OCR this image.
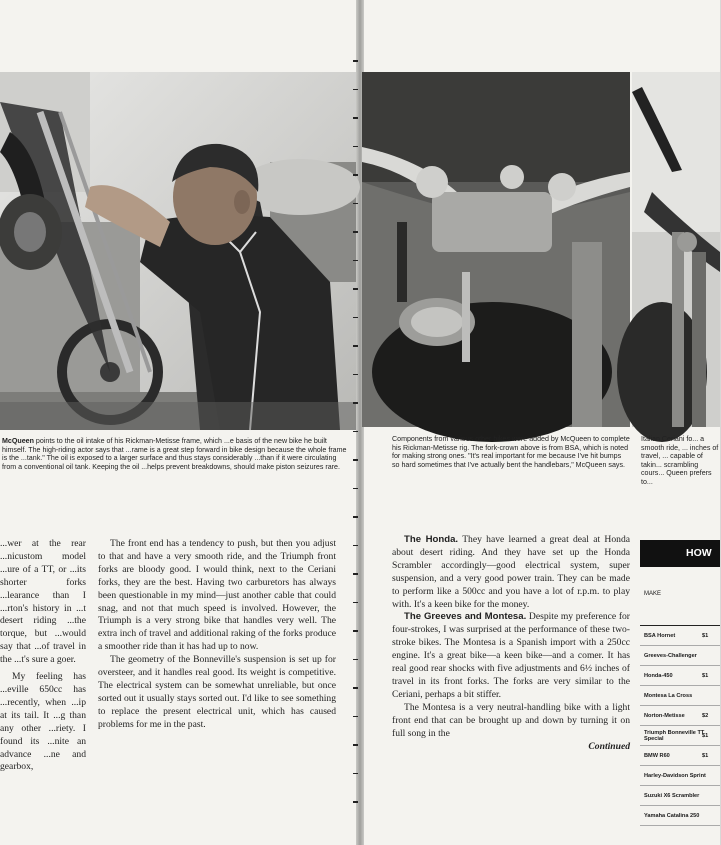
McQueen points to the oil intake of his Rickman-Metisse frame, which ...e basis of the new bike he built himself. The high-riding actor says that ...rame is a great step forward in bike design because the whole frame is the ...tank." The oil is exposed to a larger surface and thus stays considerably ...than if it were circulating from a conventional oil tank. Keeping the oil ...helps prevent breakdowns, should make piston seizures rare.
Components from various other bikes were added by McQueen to complete his Rickman-Metisse rig. The fork-crown above is from BSA, which is noted for making strong ones. "It's real important for me because I've hit bumps so hard sometimes that I've actually bent the handlebars," McQueen says.
Italian Ceriani fo... a smooth ride, ... inches of travel, ... capable of takin... scrambling cours... Queen prefers to...

...wer at the rear ...nicustom model ...ure of a TT, or ...its shorter forks ...learance than I ...rton's history in ...t desert riding ...the torque, but ...would say that ...of travel in the ...t's sure a goer.

My feeling has ...eville 650cc has ...recently, when ...ip at its tail. It ...g than any other ...riety. I found its ...nite an advance ...ne and gearbox,

The front end has a tendency to push, but then you adjust to that and have a very smooth ride, and the Triumph front forks are bloody good. I would think, next to the Ceriani forks, they are the best. Having two carburetors has always been questionable in my mind—just another cable that could snag, and not that much speed is involved. However, the Triumph is a very strong bike that handles very well. The extra inch of travel and additional raking of the forks produce a smoother ride than it has had up to now.

The geometry of the Bonneville's suspension is set up for oversteer, and it handles real good. Its weight is competitive. The electrical system can be somewhat unreliable, but once sorted out it usually stays sorted out. I'd like to see something to replace the present electrical unit, which has caused problems for me in the past.

The Honda. They have learned a great deal at Honda about desert riding. And they have set up the Honda Scrambler accordingly—good electrical system, super suspension, and a very good power train. They can be made to perform like a 500cc and you have a lot of r.p.m. to play with. It's a keen bike for the money.

The Greeves and Montesa. Despite my preference for four-strokes, I was surprised at the performance of these two-stroke bikes. The Montesa is a Spanish import with a 250cc engine. It's a great bike—a keen bike—and a comer. It has real good rear shocks with five adjustments and 6½ inches of travel in its front forks. The forks are very similar to the Ceriani, perhaps a bit stiffer.

The Montesa is a very neutral-handling bike with a light front end that can be brought up and down by turning it on full song in the

Continued
HOW
MAKE
BSA Hornet	$1
Greeves-Challenger
Honda-450	$1
Montesa La Cross
Norton-Metisse	$2
Triumph Bonneville TT Special	$1
BMW R60	$1
Harley-Davidson Sprint
Suzuki X6 Scrambler
Yamaha Catalina 250
